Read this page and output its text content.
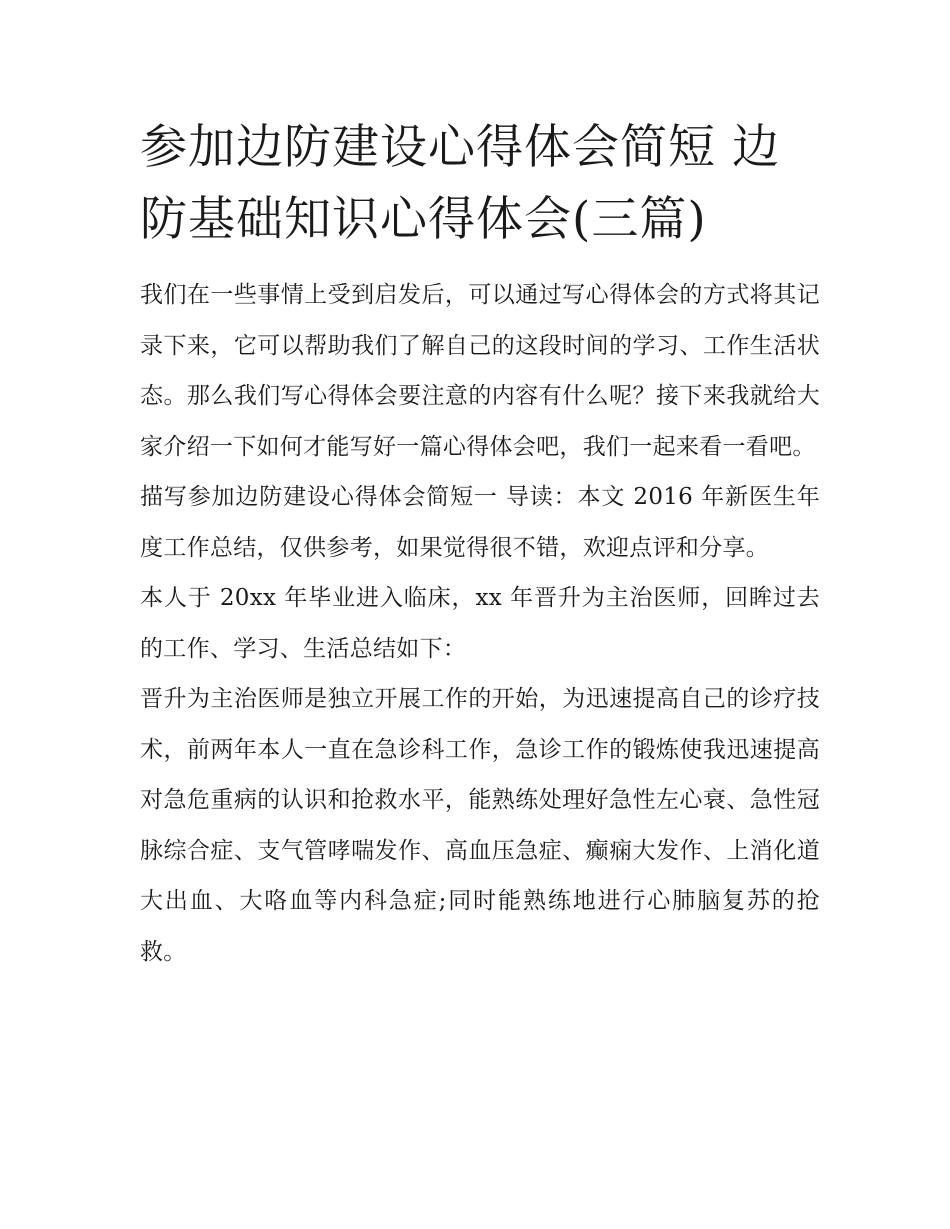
参加边防建设心得体会简短 边防基础知识心得体会(三篇)

我们在一些事情上受到启发后，可以通过写心得体会的方式将其记录下来，它可以帮助我们了解自己的这段时间的学习、工作生活状态。那么我们写心得体会要注意的内容有什么呢？接下来我就给大家介绍一下如何才能写好一篇心得体会吧，我们一起来看一看吧。

描写参加边防建设心得体会简短一 导读：本文 2016 年新医生年度工作总结，仅供参考，如果觉得很不错，欢迎点评和分享。

本人于 20xx 年毕业进入临床，xx 年晋升为主治医师，回眸过去的工作、学习、生活总结如下：

晋升为主治医师是独立开展工作的开始，为迅速提高自己的诊疗技术，前两年本人一直在急诊科工作，急诊工作的锻炼使我迅速提高对急危重病的认识和抢救水平，能熟练处理好急性左心衰、急性冠脉综合症、支气管哮喘发作、高血压急症、癫痫大发作、上消化道大出血、大咯血等内科急症;同时能熟练地进行心肺脑复苏的抢救。
